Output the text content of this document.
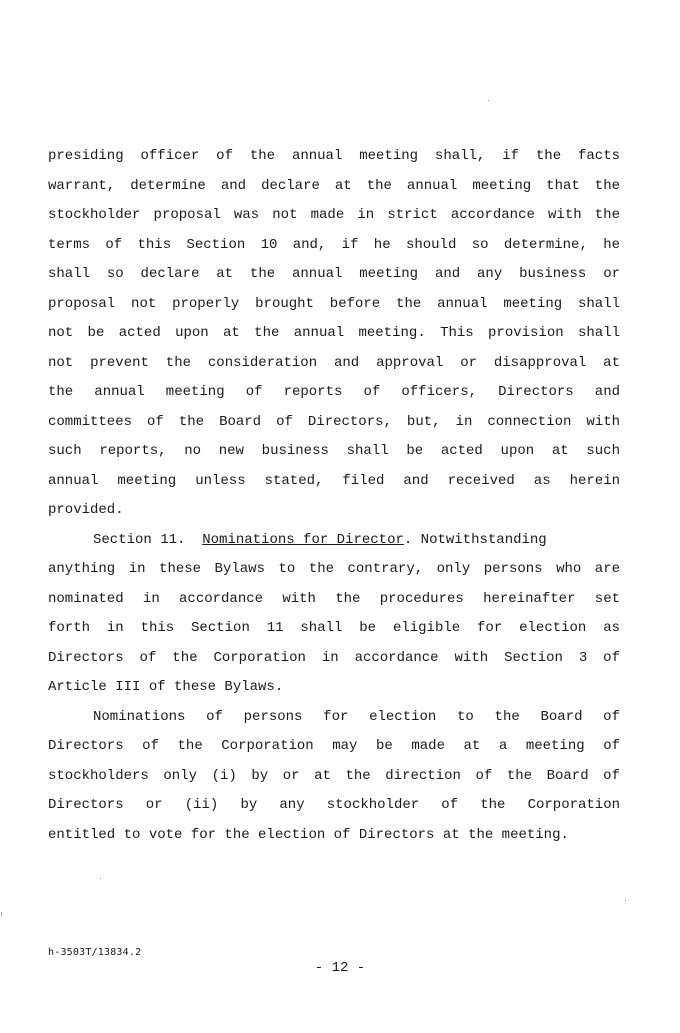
presiding officer of the annual meeting shall, if the facts
warrant, determine and declare at the annual meeting that the
stockholder proposal was not made in strict accordance with the
terms of this Section 10 and, if he should so determine, he
shall so declare at the annual meeting and any business or
proposal not properly brought before the annual meeting shall
not be acted upon at the annual meeting. This provision shall
not prevent the consideration and approval or disapproval at
the annual meeting of reports of officers, Directors and
committees of the Board of Directors, but, in connection with
such reports, no new business shall be acted upon at such
annual meeting unless stated, filed and received as herein
provided.
Section 11. Nominations for Director. Notwithstanding
anything in these Bylaws to the contrary, only persons who are
nominated in accordance with the procedures hereinafter set
forth in this Section 11 shall be eligible for election as
Directors of the Corporation in accordance with Section 3 of
Article III of these Bylaws.
Nominations of persons for election to the Board of
Directors of the Corporation may be made at a meeting of
stockholders only (i) by or at the direction of the Board of
Directors or (ii) by any stockholder of the Corporation
entitled to vote for the election of Directors at the meeting.
h-3503T/13834.2
- 12 -
